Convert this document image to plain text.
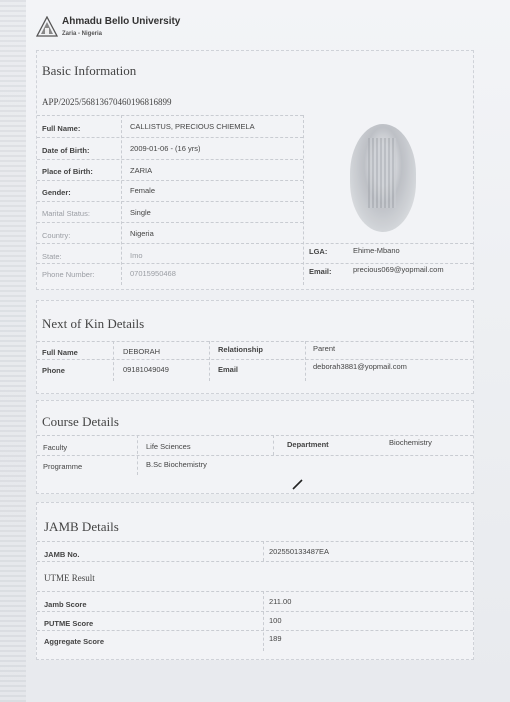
Ahmadu Bello University
Zaria - Nigeria
Basic Information
APP/2025/56813670460196816899
Full Name:	CALLISTUS, PRECIOUS CHIEMELA
Date of Birth:	2009-01-06 - (16 yrs)
Place of Birth:	ZARIA
Gender:	Female
Marital Status:	Single
Country:	Nigeria
State:	Imo	LGA:	Ehime-Mbano
Phone Number:	07015950468	Email:	precious069@yopmail.com
Next of Kin Details
Full Name	DEBORAH	Relationship	Parent
Phone	09181049049	Email	deborah3881@yopmail.com
Course Details
Faculty	Life Sciences	Department	Biochemistry
Programme	B.Sc Biochemistry
JAMB Details
JAMB No.	202550133487EA
UTME Result
Jamb Score	211.00
PUTME Score	100
Aggregate Score	189
